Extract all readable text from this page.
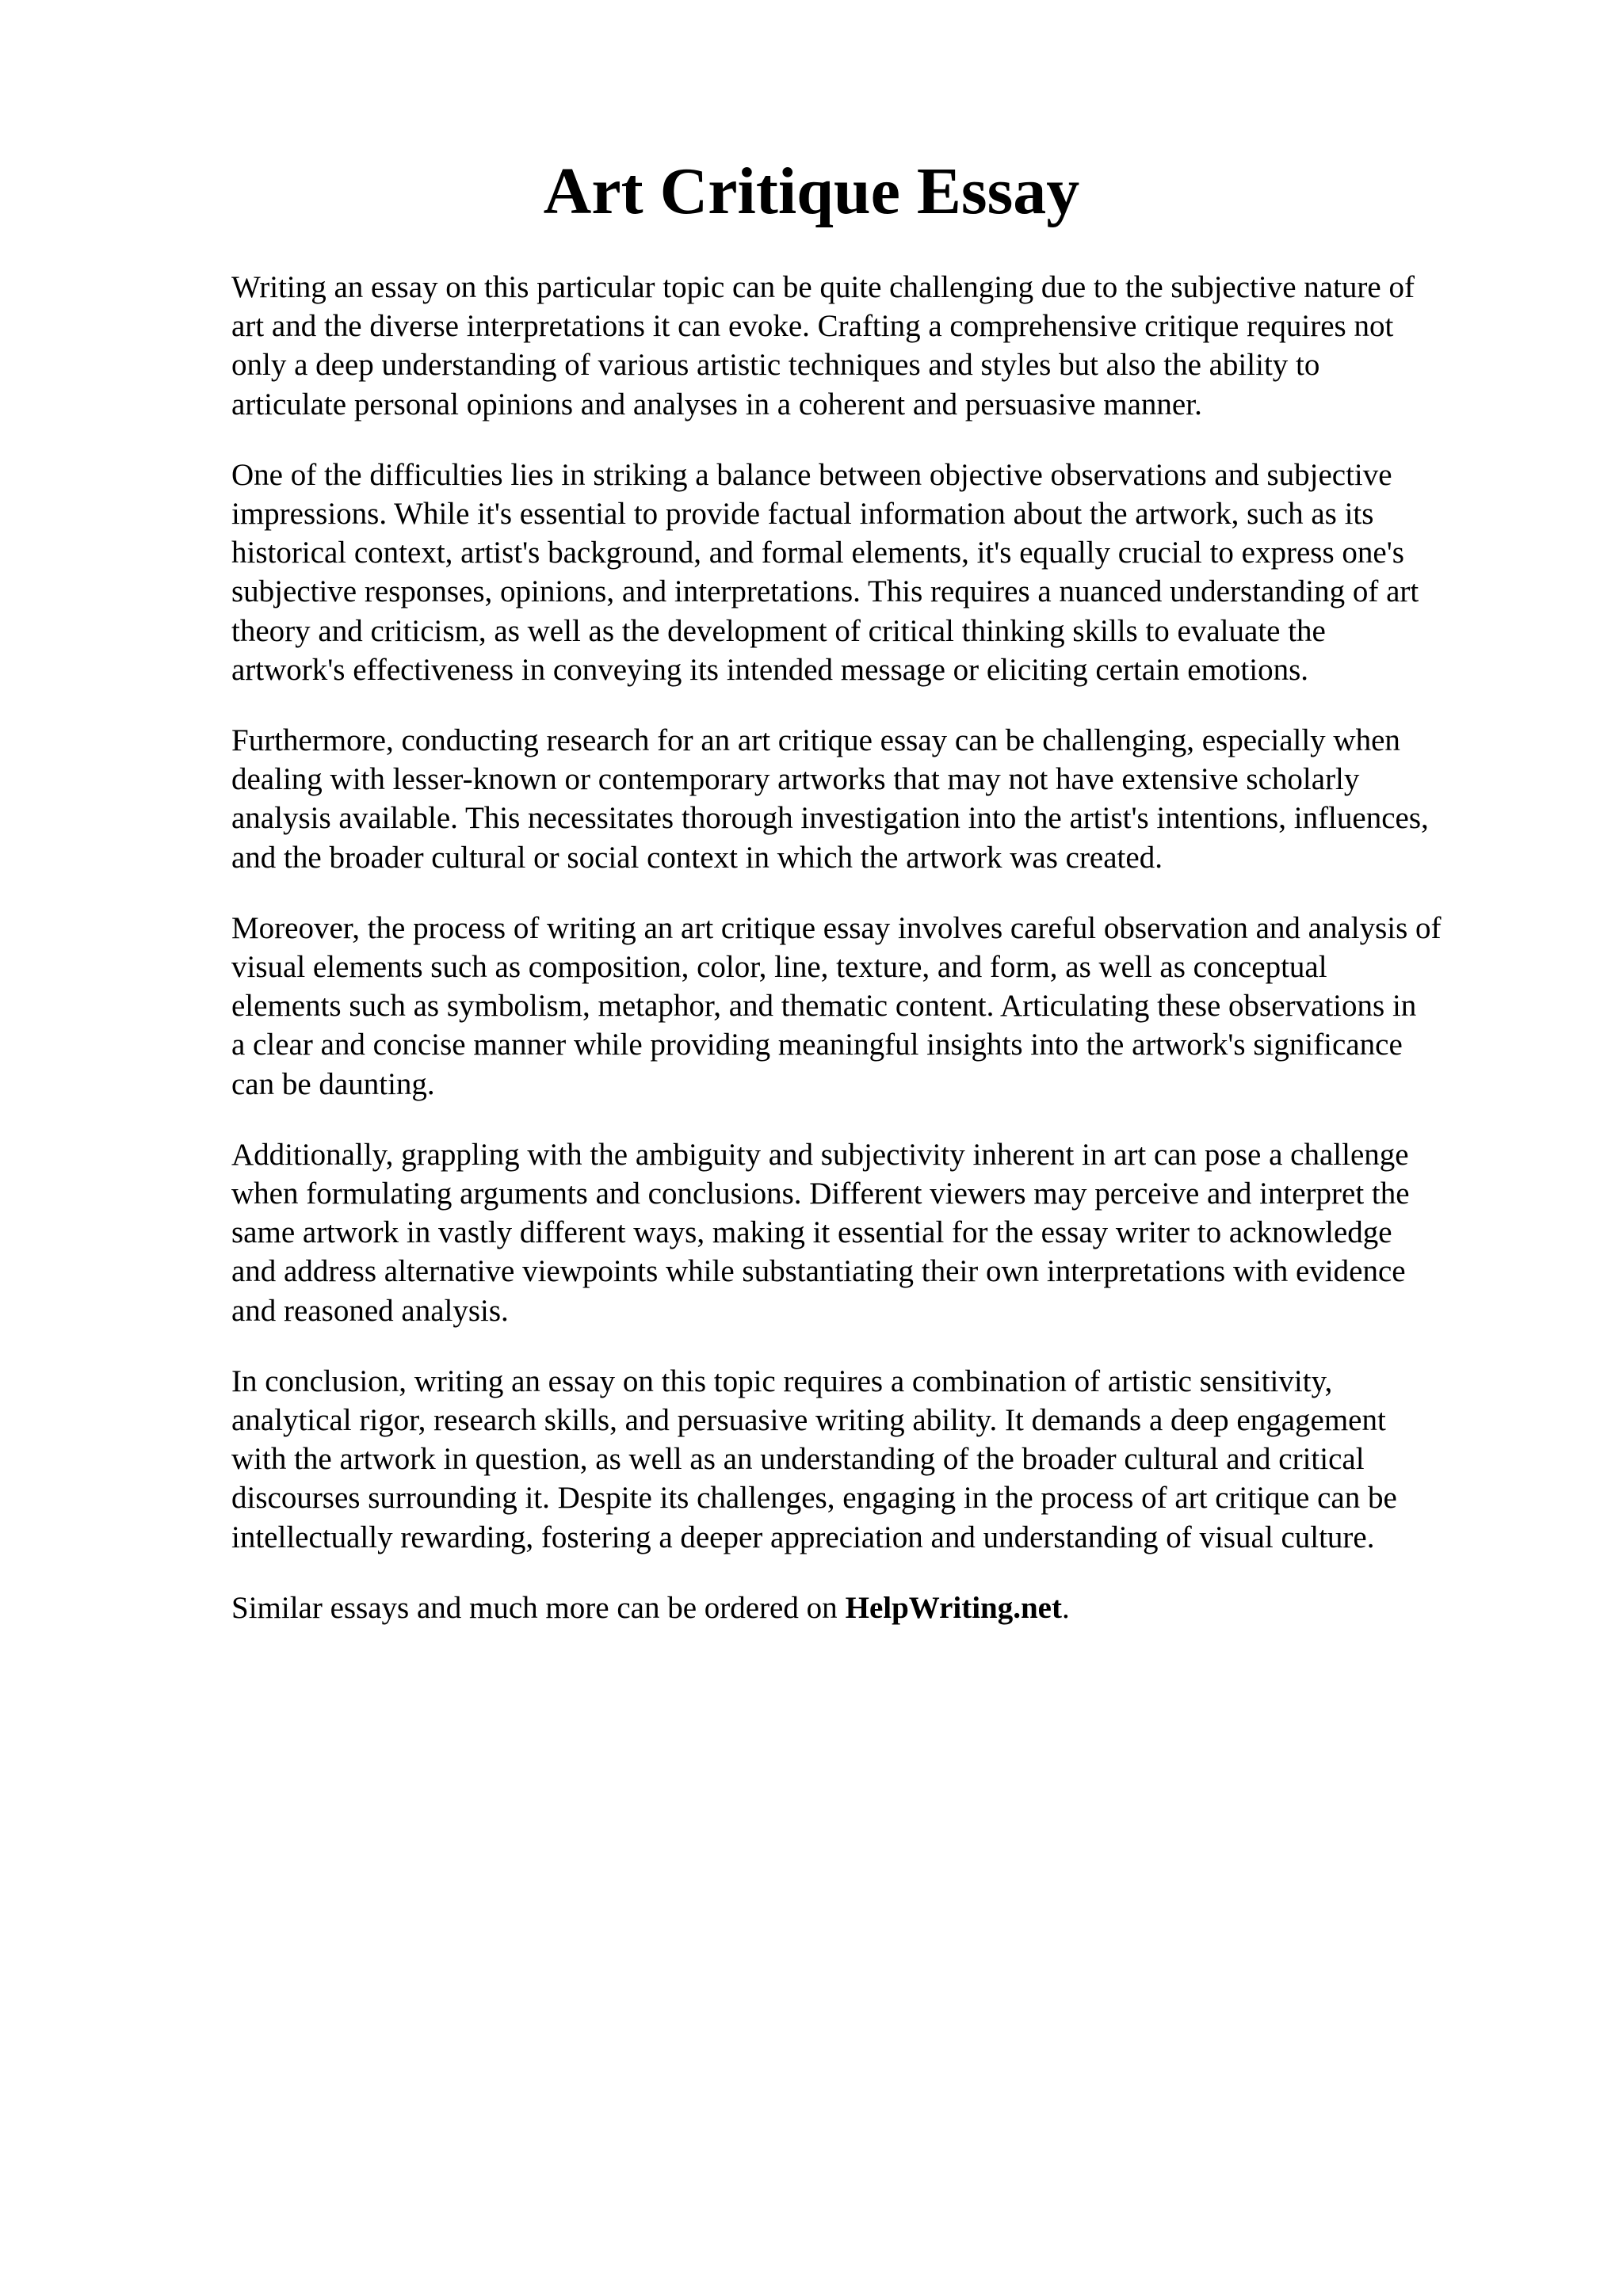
Art Critique Essay

Writing an essay on this particular topic can be quite challenging due to the subjective nature of
art and the diverse interpretations it can evoke. Crafting a comprehensive critique requires not
only a deep understanding of various artistic techniques and styles but also the ability to
articulate personal opinions and analyses in a coherent and persuasive manner.

One of the difficulties lies in striking a balance between objective observations and subjective
impressions. While it's essential to provide factual information about the artwork, such as its
historical context, artist's background, and formal elements, it's equally crucial to express one's
subjective responses, opinions, and interpretations. This requires a nuanced understanding of art
theory and criticism, as well as the development of critical thinking skills to evaluate the
artwork's effectiveness in conveying its intended message or eliciting certain emotions.

Furthermore, conducting research for an art critique essay can be challenging, especially when
dealing with lesser-known or contemporary artworks that may not have extensive scholarly
analysis available. This necessitates thorough investigation into the artist's intentions, influences,
and the broader cultural or social context in which the artwork was created.

Moreover, the process of writing an art critique essay involves careful observation and analysis of
visual elements such as composition, color, line, texture, and form, as well as conceptual
elements such as symbolism, metaphor, and thematic content. Articulating these observations in
a clear and concise manner while providing meaningful insights into the artwork's significance
can be daunting.

Additionally, grappling with the ambiguity and subjectivity inherent in art can pose a challenge
when formulating arguments and conclusions. Different viewers may perceive and interpret the
same artwork in vastly different ways, making it essential for the essay writer to acknowledge
and address alternative viewpoints while substantiating their own interpretations with evidence
and reasoned analysis.

In conclusion, writing an essay on this topic requires a combination of artistic sensitivity,
analytical rigor, research skills, and persuasive writing ability. It demands a deep engagement
with the artwork in question, as well as an understanding of the broader cultural and critical
discourses surrounding it. Despite its challenges, engaging in the process of art critique can be
intellectually rewarding, fostering a deeper appreciation and understanding of visual culture.

Similar essays and much more can be ordered on HelpWriting.net.
